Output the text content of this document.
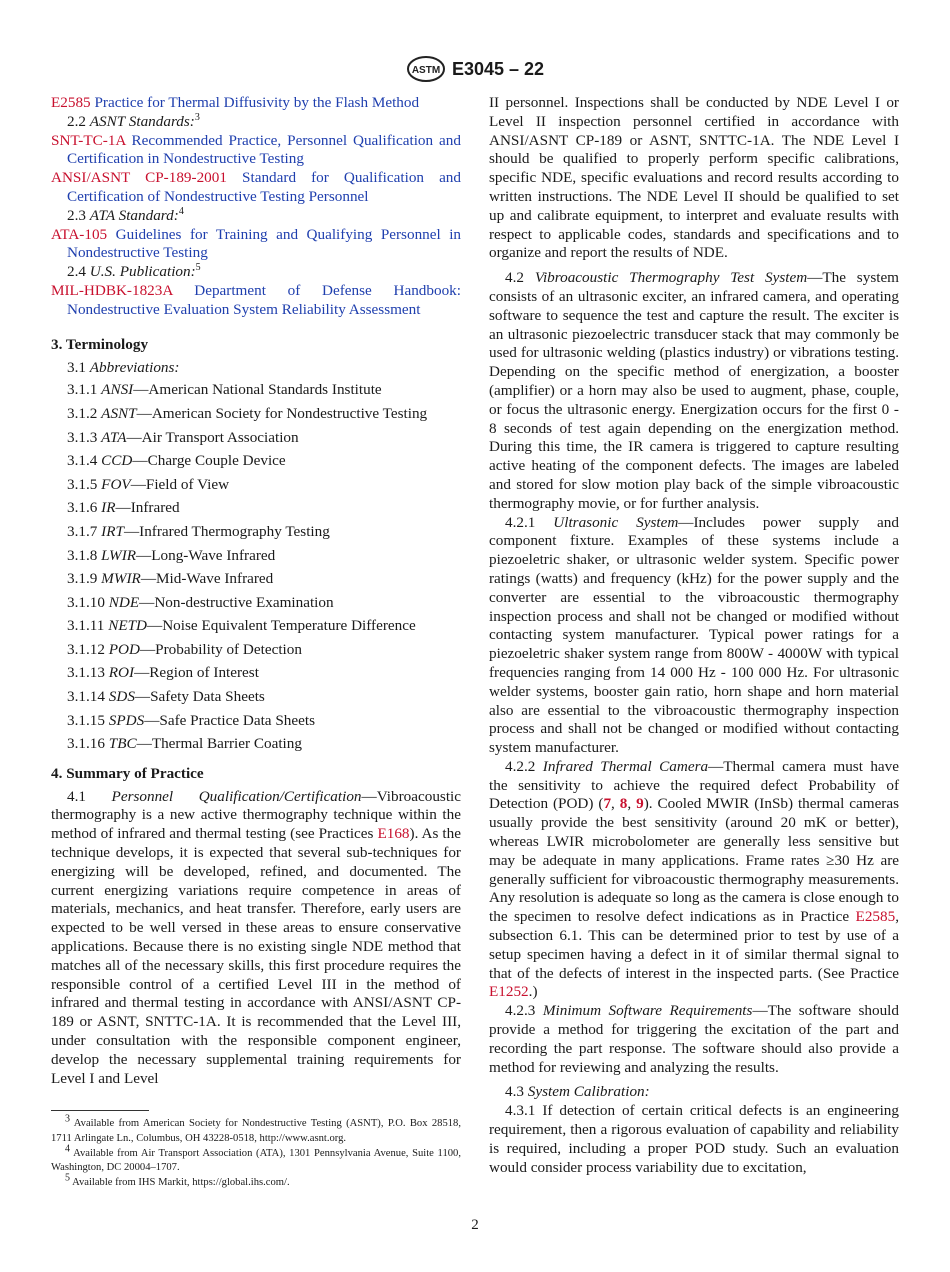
ASTM E3045 – 22

E2585 Practice for Thermal Diffusivity by the Flash Method

2.2 ASNT Standards:$^3$

SNT-TC-1A Recommended Practice, Personnel Qualification and Certification in Nondestructive Testing

ANSI/ASNT CP-189-2001 Standard for Qualification and Certification of Nondestructive Testing Personnel

2.3 ATA Standard:$^4$

ATA-105 Guidelines for Training and Qualifying Personnel in Nondestructive Testing

2.4 U.S. Publication:$^5$

MIL-HDBK-1823A Department of Defense Handbook: Nondestructive Evaluation System Reliability Assessment

3. Terminology

3.1 Abbreviations:

3.1.1 ANSI—American National Standards Institute

3.1.2 ASNT—American Society for Nondestructive Testing

3.1.3 ATA—Air Transport Association

3.1.4 CCD—Charge Couple Device

3.1.5 FOV—Field of View

3.1.6 IR—Infrared

3.1.7 IRT—Infrared Thermography Testing

3.1.8 LWIR—Long-Wave Infrared

3.1.9 MWIR—Mid-Wave Infrared

3.1.10 NDE—Non-destructive Examination

3.1.11 NETD—Noise Equivalent Temperature Difference

3.1.12 POD—Probability of Detection

3.1.13 ROI—Region of Interest

3.1.14 SDS—Safety Data Sheets

3.1.15 SPDS—Safe Practice Data Sheets

3.1.16 TBC—Thermal Barrier Coating

4. Summary of Practice

4.1 Personnel Qualification/Certification—Vibroacoustic thermography is a new active thermography technique within the method of infrared and thermal testing (see Practices E168). As the technique develops, it is expected that several sub-techniques for energizing will be developed, refined, and documented. The current energizing variations require competence in areas of materials, mechanics, and heat transfer. Therefore, early users are expected to be well versed in these areas to ensure conservative applications. Because there is no existing single NDE method that matches all of the necessary skills, this first procedure requires the responsible control of a certified Level III in the method of infrared and thermal testing in accordance with ANSI/ASNT CP-189 or ASNT, SNTTC-1A. It is recommended that the Level III, under consultation with the responsible component engineer, develop the necessary supplemental training requirements for Level I and Level

II personnel. Inspections shall be conducted by NDE Level I or Level II inspection personnel certified in accordance with ANSI/ASNT CP-189 or ASNT, SNTTC-1A. The NDE Level I should be qualified to properly perform specific calibrations, specific NDE, specific evaluations and record results according to written instructions. The NDE Level II should be qualified to set up and calibrate equipment, to interpret and evaluate results with respect to applicable codes, standards and specifications and to organize and report the results of NDE.

4.2 Vibroacoustic Thermography Test System—The system consists of an ultrasonic exciter, an infrared camera, and operating software to sequence the test and capture the result. The exciter is an ultrasonic piezoelectric transducer stack that may commonly be used for ultrasonic welding (plastics industry) or vibrations testing. Depending on the specific method of energization, a booster (amplifier) or a horn may also be used to augment, phase, couple, or focus the ultrasonic energy. Energization occurs for the first 0 - 8 seconds of test again depending on the energization method. During this time, the IR camera is triggered to capture resulting active heating of the component defects. The images are labeled and stored for slow motion play back of the simple vibroacoustic thermography movie, or for further analysis.

4.2.1 Ultrasonic System—Includes power supply and component fixture. Examples of these systems include a piezoeletric shaker, or ultrasonic welder system. Specific power ratings (watts) and frequency (kHz) for the power supply and the converter are essential to the vibroacoustic thermography inspection process and shall not be changed or modified without contacting system manufacturer. Typical power ratings for a piezoeletric shaker system range from 800W - 4000W with typical frequencies ranging from 14 000 Hz - 100 000 Hz. For ultrasonic welder systems, booster gain ratio, horn shape and horn material also are essential to the vibroacoustic thermography inspection process and shall not be changed or modified without contacting system manufacturer.

4.2.2 Infrared Thermal Camera—Thermal camera must have the sensitivity to achieve the required defect Probability of Detection (POD) (7, 8, 9). Cooled MWIR (InSb) thermal cameras usually provide the best sensitivity (around 20 mK or better), whereas LWIR microbolometer are generally less sensitive but may be adequate in many applications. Frame rates ≥30 Hz are generally sufficient for vibroacoustic thermography measurements. Any resolution is adequate so long as the camera is close enough to the specimen to resolve defect indications as in Practice E2585, subsection 6.1. This can be determined prior to test by use of a setup specimen having a defect in it of similar thermal signal to that of the defects of interest in the inspected parts. (See Practice E1252.)

4.2.3 Minimum Software Requirements—The software should provide a method for triggering the excitation of the part and recording the part response. The software should also provide a method for reviewing and analyzing the results.

4.3 System Calibration:

4.3.1 If detection of certain critical defects is an engineering requirement, then a rigorous evaluation of capability and reliability is required, including a proper POD study. Such an evaluation would consider process variability due to excitation,

$^3$ Available from American Society for Nondestructive Testing (ASNT), P.O. Box 28518, 1711 Arlingate Ln., Columbus, OH 43228-0518, http://www.asnt.org.

$^4$ Available from Air Transport Association (ATA), 1301 Pennsylvania Avenue, Suite 1100, Washington, DC 20004–1707.

$^5$ Available from IHS Markit, https://global.ihs.com/.

2
